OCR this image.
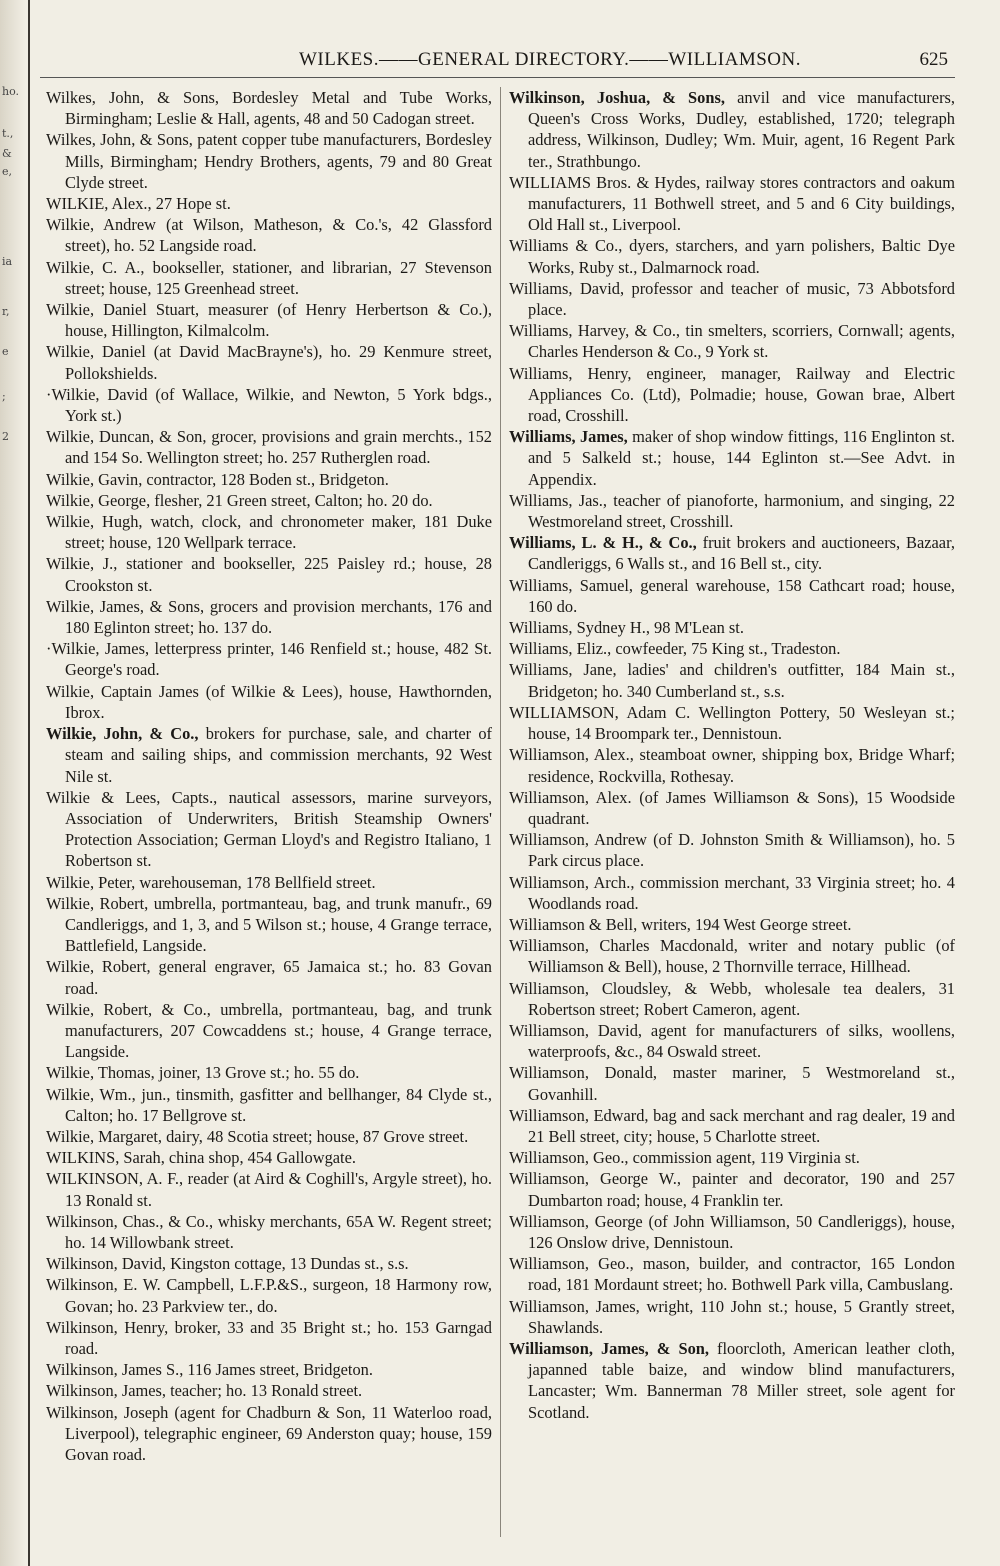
ho.
t.,
&
e,
ia
r,
e
;
2
WILKES.——GENERAL DIRECTORY.——WILLIAMSON.	625

Wilkes, John, & Sons, Bordesley Metal and Tube Works, Birmingham; Leslie & Hall, agents, 48 and 50 Cadogan street.

Wilkes, John, & Sons, patent copper tube manufacturers, Bordesley Mills, Birmingham; Hendry Brothers, agents, 79 and 80 Great Clyde street.

WILKIE, Alex., 27 Hope st.

Wilkie, Andrew (at Wilson, Matheson, & Co.'s, 42 Glassford street), ho. 52 Langside road.

Wilkie, C. A., bookseller, stationer, and librarian, 27 Stevenson street; house, 125 Greenhead street.

Wilkie, Daniel Stuart, measurer (of Henry Herbertson & Co.), house, Hillington, Kilmalcolm.

Wilkie, Daniel (at David MacBrayne's), ho. 29 Kenmure street, Pollokshields.

·Wilkie, David (of Wallace, Wilkie, and Newton, 5 York bdgs., York st.)

Wilkie, Duncan, & Son, grocer, provisions and grain merchts., 152 and 154 So. Wellington street; ho. 257 Rutherglen road.

Wilkie, Gavin, contractor, 128 Boden st., Bridgeton.

Wilkie, George, flesher, 21 Green street, Calton; ho. 20 do.

Wilkie, Hugh, watch, clock, and chronometer maker, 181 Duke street; house, 120 Wellpark terrace.

Wilkie, J., stationer and bookseller, 225 Paisley rd.; house, 28 Crookston st.

Wilkie, James, & Sons, grocers and provision merchants, 176 and 180 Eglinton street; ho. 137 do.

·Wilkie, James, letterpress printer, 146 Renfield st.; house, 482 St. George's road.

Wilkie, Captain James (of Wilkie & Lees), house, Hawthornden, Ibrox.

Wilkie, John, & Co., brokers for purchase, sale, and charter of steam and sailing ships, and commission merchants, 92 West Nile st.

Wilkie & Lees, Capts., nautical assessors, marine surveyors, Association of Underwriters, British Steamship Owners' Protection Association; German Lloyd's and Registro Italiano, 1 Robertson st.

Wilkie, Peter, warehouseman, 178 Bellfield street.

Wilkie, Robert, umbrella, portmanteau, bag, and trunk manufr., 69 Candleriggs, and 1, 3, and 5 Wilson st.; house, 4 Grange terrace, Battlefield, Langside.

Wilkie, Robert, general engraver, 65 Jamaica st.; ho. 83 Govan road.

Wilkie, Robert, & Co., umbrella, portmanteau, bag, and trunk manufacturers, 207 Cowcaddens st.; house, 4 Grange terrace, Langside.

Wilkie, Thomas, joiner, 13 Grove st.; ho. 55 do.

Wilkie, Wm., jun., tinsmith, gasfitter and bellhanger, 84 Clyde st., Calton; ho. 17 Bellgrove st.

Wilkie, Margaret, dairy, 48 Scotia street; house, 87 Grove street.

WILKINS, Sarah, china shop, 454 Gallowgate.

WILKINSON, A. F., reader (at Aird & Coghill's, Argyle street), ho. 13 Ronald st.

Wilkinson, Chas., & Co., whisky merchants, 65A W. Regent street; ho. 14 Willowbank street.

Wilkinson, David, Kingston cottage, 13 Dundas st., s.s.

Wilkinson, E. W. Campbell, L.F.P.&S., surgeon, 18 Harmony row, Govan; ho. 23 Parkview ter., do.

Wilkinson, Henry, broker, 33 and 35 Bright st.; ho. 153 Garngad road.

Wilkinson, James S., 116 James street, Bridgeton.

Wilkinson, James, teacher; ho. 13 Ronald street.

Wilkinson, Joseph (agent for Chadburn & Son, 11 Waterloo road, Liverpool), telegraphic engineer, 69 Anderston quay; house, 159 Govan road.

Wilkinson, Joshua, & Sons, anvil and vice manufacturers, Queen's Cross Works, Dudley, established, 1720; telegraph address, Wilkinson, Dudley; Wm. Muir, agent, 16 Regent Park ter., Strathbungo.

WILLIAMS Bros. & Hydes, railway stores contractors and oakum manufacturers, 11 Bothwell street, and 5 and 6 City buildings, Old Hall st., Liverpool.

Williams & Co., dyers, starchers, and yarn polishers, Baltic Dye Works, Ruby st., Dalmarnock road.

Williams, David, professor and teacher of music, 73 Abbotsford place.

Williams, Harvey, & Co., tin smelters, scorriers, Cornwall; agents, Charles Henderson & Co., 9 York st.

Williams, Henry, engineer, manager, Railway and Electric Appliances Co. (Ltd), Polmadie; house, Gowan brae, Albert road, Crosshill.

Williams, James, maker of shop window fittings, 116 Englinton st. and 5 Salkeld st.; house, 144 Eglinton st.—See Advt. in Appendix.

Williams, Jas., teacher of pianoforte, harmonium, and singing, 22 Westmoreland street, Crosshill.

Williams, L. & H., & Co., fruit brokers and auctioneers, Bazaar, Candleriggs, 6 Walls st., and 16 Bell st., city.

Williams, Samuel, general warehouse, 158 Cathcart road; house, 160 do.

Williams, Sydney H., 98 M'Lean st.

Williams, Eliz., cowfeeder, 75 King st., Tradeston.

Williams, Jane, ladies' and children's outfitter, 184 Main st., Bridgeton; ho. 340 Cumberland st., s.s.

WILLIAMSON, Adam C. Wellington Pottery, 50 Wesleyan st.; house, 14 Broompark ter., Dennistoun.

Williamson, Alex., steamboat owner, shipping box, Bridge Wharf; residence, Rockvilla, Rothesay.

Williamson, Alex. (of James Williamson & Sons), 15 Woodside quadrant.

Williamson, Andrew (of D. Johnston Smith & Williamson), ho. 5 Park circus place.

Williamson, Arch., commission merchant, 33 Virginia street; ho. 4 Woodlands road.

Williamson & Bell, writers, 194 West George street.

Williamson, Charles Macdonald, writer and notary public (of Williamson & Bell), house, 2 Thornville terrace, Hillhead.

Williamson, Cloudsley, & Webb, wholesale tea dealers, 31 Robertson street; Robert Cameron, agent.

Williamson, David, agent for manufacturers of silks, woollens, waterproofs, &c., 84 Oswald street.

Williamson, Donald, master mariner, 5 Westmoreland st., Govanhill.

Williamson, Edward, bag and sack merchant and rag dealer, 19 and 21 Bell street, city; house, 5 Charlotte street.

Williamson, Geo., commission agent, 119 Virginia st.

Williamson, George W., painter and decorator, 190 and 257 Dumbarton road; house, 4 Franklin ter.

Williamson, George (of John Williamson, 50 Candleriggs), house, 126 Onslow drive, Dennistoun.

Williamson, Geo., mason, builder, and contractor, 165 London road, 181 Mordaunt street; ho. Bothwell Park villa, Cambuslang.

Williamson, James, wright, 110 John st.; house, 5 Grantly street, Shawlands.

Williamson, James, & Son, floorcloth, American leather cloth, japanned table baize, and window blind manufacturers, Lancaster; Wm. Bannerman 78 Miller street, sole agent for Scotland.
